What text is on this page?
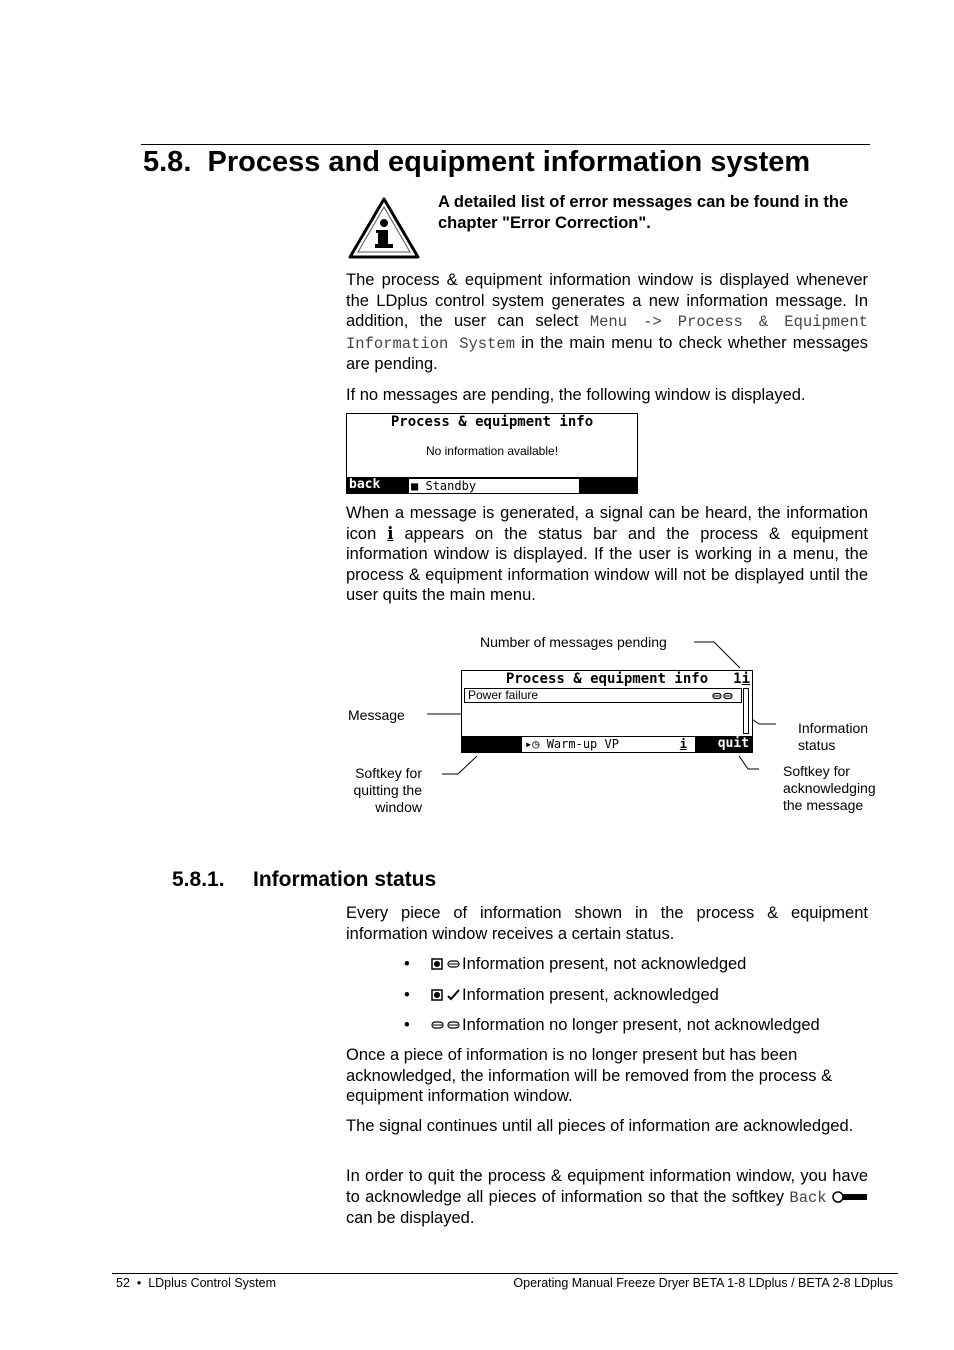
5.8. Process and equipment information system
A detailed list of error messages can be found in the chapter "Error Correction".
The process & equipment information window is displayed whenever the LDplus control system generates a new information message. In addition, the user can select Menu -> Process & Equipment Information System in the main menu to check whether messages are pending.
If no messages are pending, the following window is displayed.
Process & equipment info
No information available!
back	■ Standby
When a message is generated, a signal can be heard, the information icon i appears on the status bar and the process & equipment information window is displayed. If the user is working in a menu, the process & equipment information window will not be displayed until the user quits the main menu.
Number of messages pending
Message
Information status
Softkey for quitting the window
Softkey for acknowledging the message
Process & equipment info	1i
Power failure
▸◷ Warm-up VP	i quit
5.8.1. Information status
Every piece of information shown in the process & equipment information window receives a certain status.
•	Information present, not acknowledged
•	Information present, acknowledged
•	Information no longer present, not acknowledged
Once a piece of information is no longer present but has been acknowledged, the information will be removed from the process & equipment information window.
The signal continues until all pieces of information are acknowledged.
In order to quit the process & equipment information window, you have to acknowledge all pieces of information so that the softkey Back  can be displayed.
52  •  LDplus Control System	Operating Manual Freeze Dryer BETA 1-8 LDplus / BETA 2-8 LDplus
